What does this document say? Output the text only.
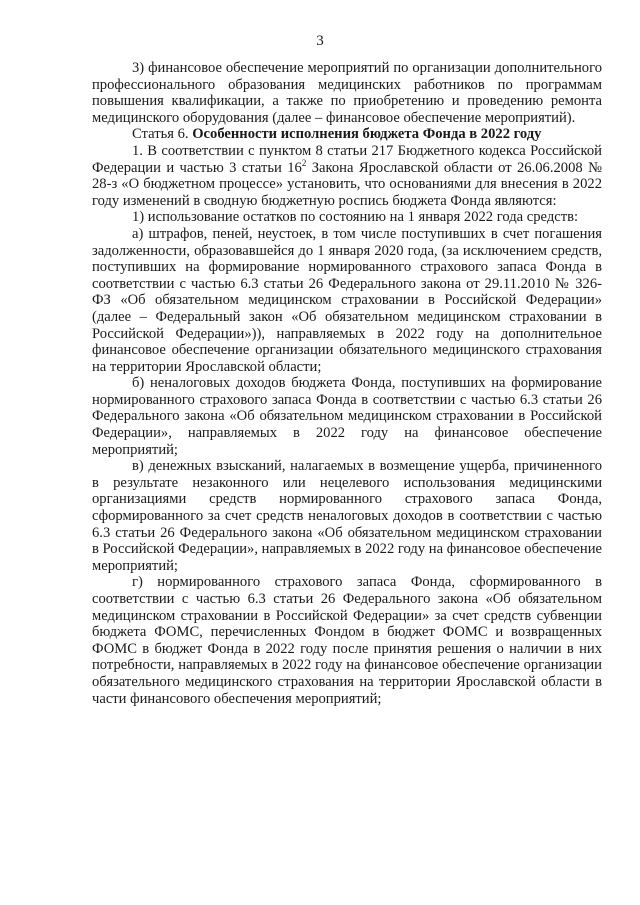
3

3) финансовое обеспечение мероприятий по организации дополнительного профессионального образования медицинских работников по программам повышения квалификации, а также по приобретению и проведению ремонта медицинского оборудования (далее – финансовое обеспечение мероприятий).

Статья 6. Особенности исполнения бюджета Фонда в 2022 году

1. В соответствии с пунктом 8 статьи 217 Бюджетного кодекса Российской Федерации и частью 3 статьи $16^2$ Закона Ярославской области от 26.06.2008 № 28-з «О бюджетном процессе» установить, что основаниями для внесения в 2022 году изменений в сводную бюджетную роспись бюджета Фонда являются:

1) использование остатков по состоянию на 1 января 2022 года средств:

а) штрафов, пеней, неустоек, в том числе поступивших в счет погашения задолженности, образовавшейся до 1 января 2020 года, (за исключением средств, поступивших на формирование нормированного страхового запаса Фонда в соответствии с частью 6.3 статьи 26 Федерального закона от 29.11.2010 № 326-ФЗ «Об обязательном медицинском страховании в Российской Федерации» (далее – Федеральный закон «Об обязательном медицинском страховании в Российской Федерации»)), направляемых в 2022 году на дополнительное финансовое обеспечение организации обязательного медицинского страхования на территории Ярославской области;

б) неналоговых доходов бюджета Фонда, поступивших на формирование нормированного страхового запаса Фонда в соответствии с частью 6.3 статьи 26 Федерального закона «Об обязательном медицинском страховании в Российской Федерации», направляемых в 2022 году на финансовое обеспечение мероприятий;

в) денежных взысканий, налагаемых в возмещение ущерба, причиненного в результате незаконного или нецелевого использования медицинскими организациями средств нормированного страхового запаса Фонда, сформированного за счет средств неналоговых доходов в соответствии с частью 6.3 статьи 26 Федерального закона «Об обязательном медицинском страховании в Российской Федерации», направляемых в 2022 году на финансовое обеспечение мероприятий;

г) нормированного страхового запаса Фонда, сформированного в соответствии с частью 6.3 статьи 26 Федерального закона «Об обязательном медицинском страховании в Российской Федерации» за счет средств субвенции бюджета ФОМС, перечисленных Фондом в бюджет ФОМС и возвращенных ФОМС в бюджет Фонда в 2022 году после принятия решения о наличии в них потребности, направляемых в 2022 году на финансовое обеспечение организации обязательного медицинского страхования на территории Ярославской области в части финансового обеспечения мероприятий;
